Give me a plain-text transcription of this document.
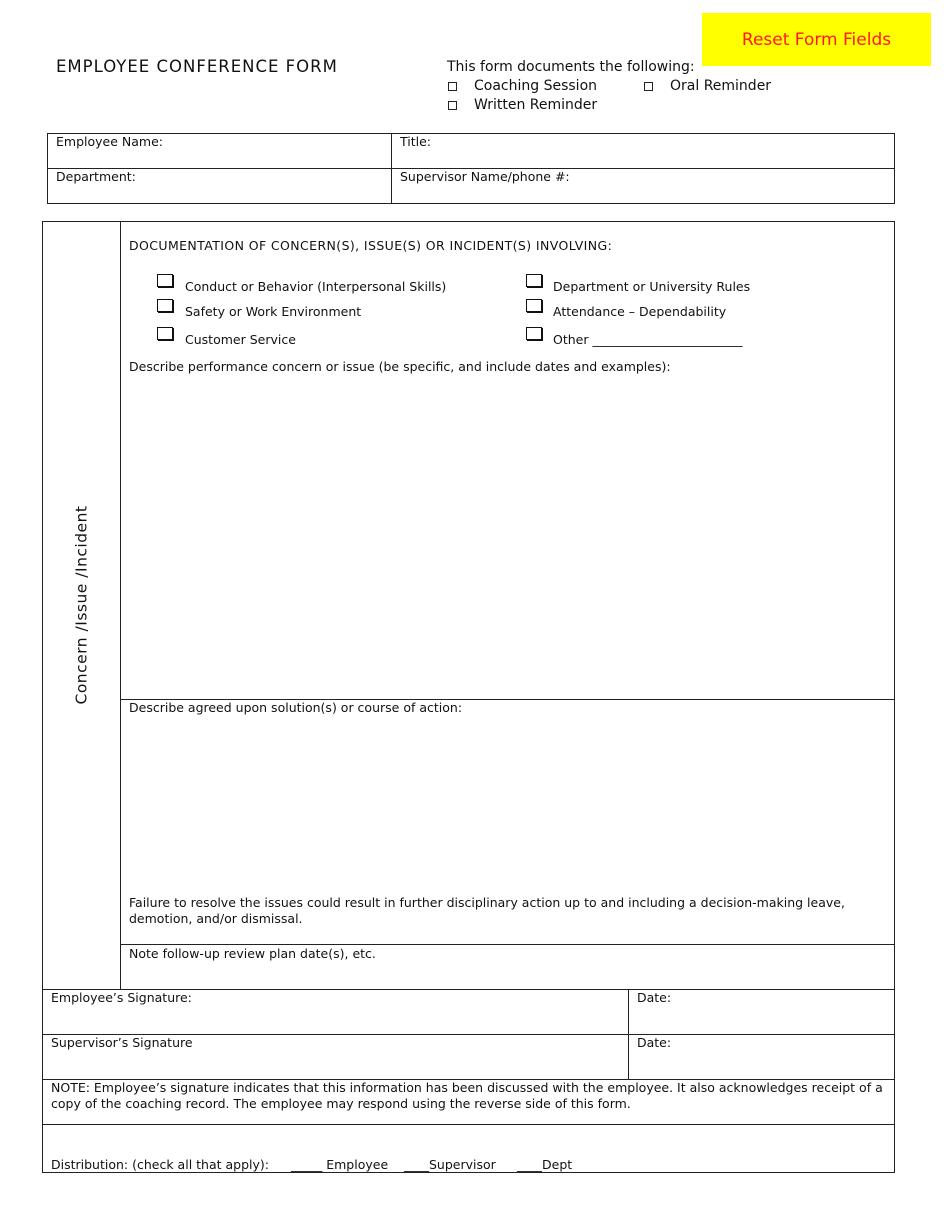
Reset Form Fields
EMPLOYEE CONFERENCE FORM	This form documents the following:
Coaching Session	Oral Reminder
Written Reminder
Employee Name:	Title:
Department:	Supervisor Name/phone #:
Concern /Issue /Incident
DOCUMENTATION OF CONCERN(S), ISSUE(S) OR INCIDENT(S) INVOLVING:
Conduct or Behavior (Interpersonal Skills)	Department or University Rules
Safety or Work Environment	Attendance – Dependability
Customer Service	Other ________________________
Describe performance concern or issue (be specific, and include dates and examples):
Describe agreed upon solution(s) or course of action:
Failure to resolve the issues could result in further disciplinary action up to and including a decision-making leave, demotion, and/or dismissal.
Note follow-up review plan date(s), etc.
Employee’s Signature:	Date:
Supervisor’s Signature	Date:
NOTE: Employee’s signature indicates that this information has been discussed with the employee. It also acknowledges receipt of a copy of the coaching record. The employee may respond using the reverse side of this form.
Distribution: (check all that apply): _____ Employee ____Supervisor ____Dept
